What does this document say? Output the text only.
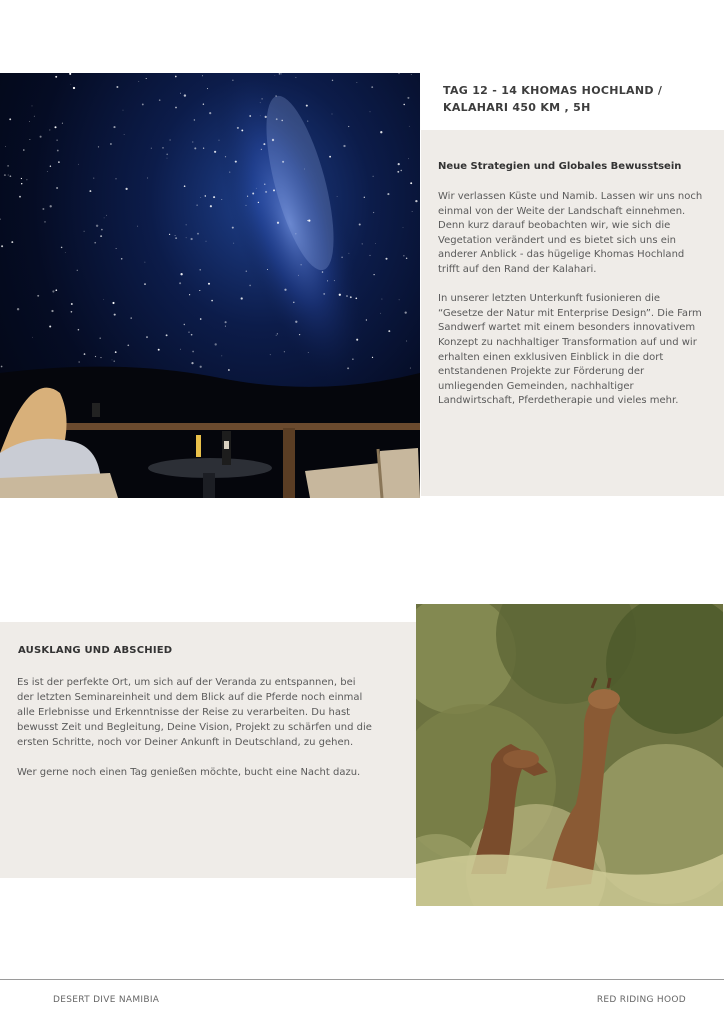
TAG 12 - 14 KHOMAS HOCHLAND /
KALAHARI 450 KM , 5H
Neue Strategien und Globales Bewusstsein

Wir verlassen Küste und Namib. Lassen wir uns noch einmal von der Weite der Landschaft einnehmen. Denn kurz darauf beobachten wir, wie sich die Vegetation verändert und es bietet sich uns ein anderer Anblick - das hügelige Khomas Hochland trifft auf den Rand der Kalahari.

In unserer letzten Unterkunft fusionieren die “Gesetze der Natur mit Enterprise Design”. Die Farm Sandwerf wartet mit einem besonders innovativem Konzept zu nachhaltiger Transformation auf und wir erhalten einen exklusiven Einblick in die dort entstandenen Projekte zur Förderung der umliegenden Gemeinden, nachhaltiger Landwirtschaft, Pferdetherapie und vieles mehr.

AUSKLANG UND ABSCHIED

Es ist der perfekte Ort, um sich auf der Veranda zu entspannen, bei der letzten Seminareinheit und dem Blick auf die Pferde noch einmal alle Erlebnisse und Erkenntnisse der Reise zu verarbeiten. Du hast bewusst Zeit und Begleitung, Deine Vision, Projekt zu schärfen und die ersten Schritte, noch vor Deiner Ankunft in Deutschland, zu gehen.

Wer gerne noch einen Tag genießen möchte, bucht eine Nacht dazu.

DESERT DIVE NAMIBIA	RED RIDING HOOD
